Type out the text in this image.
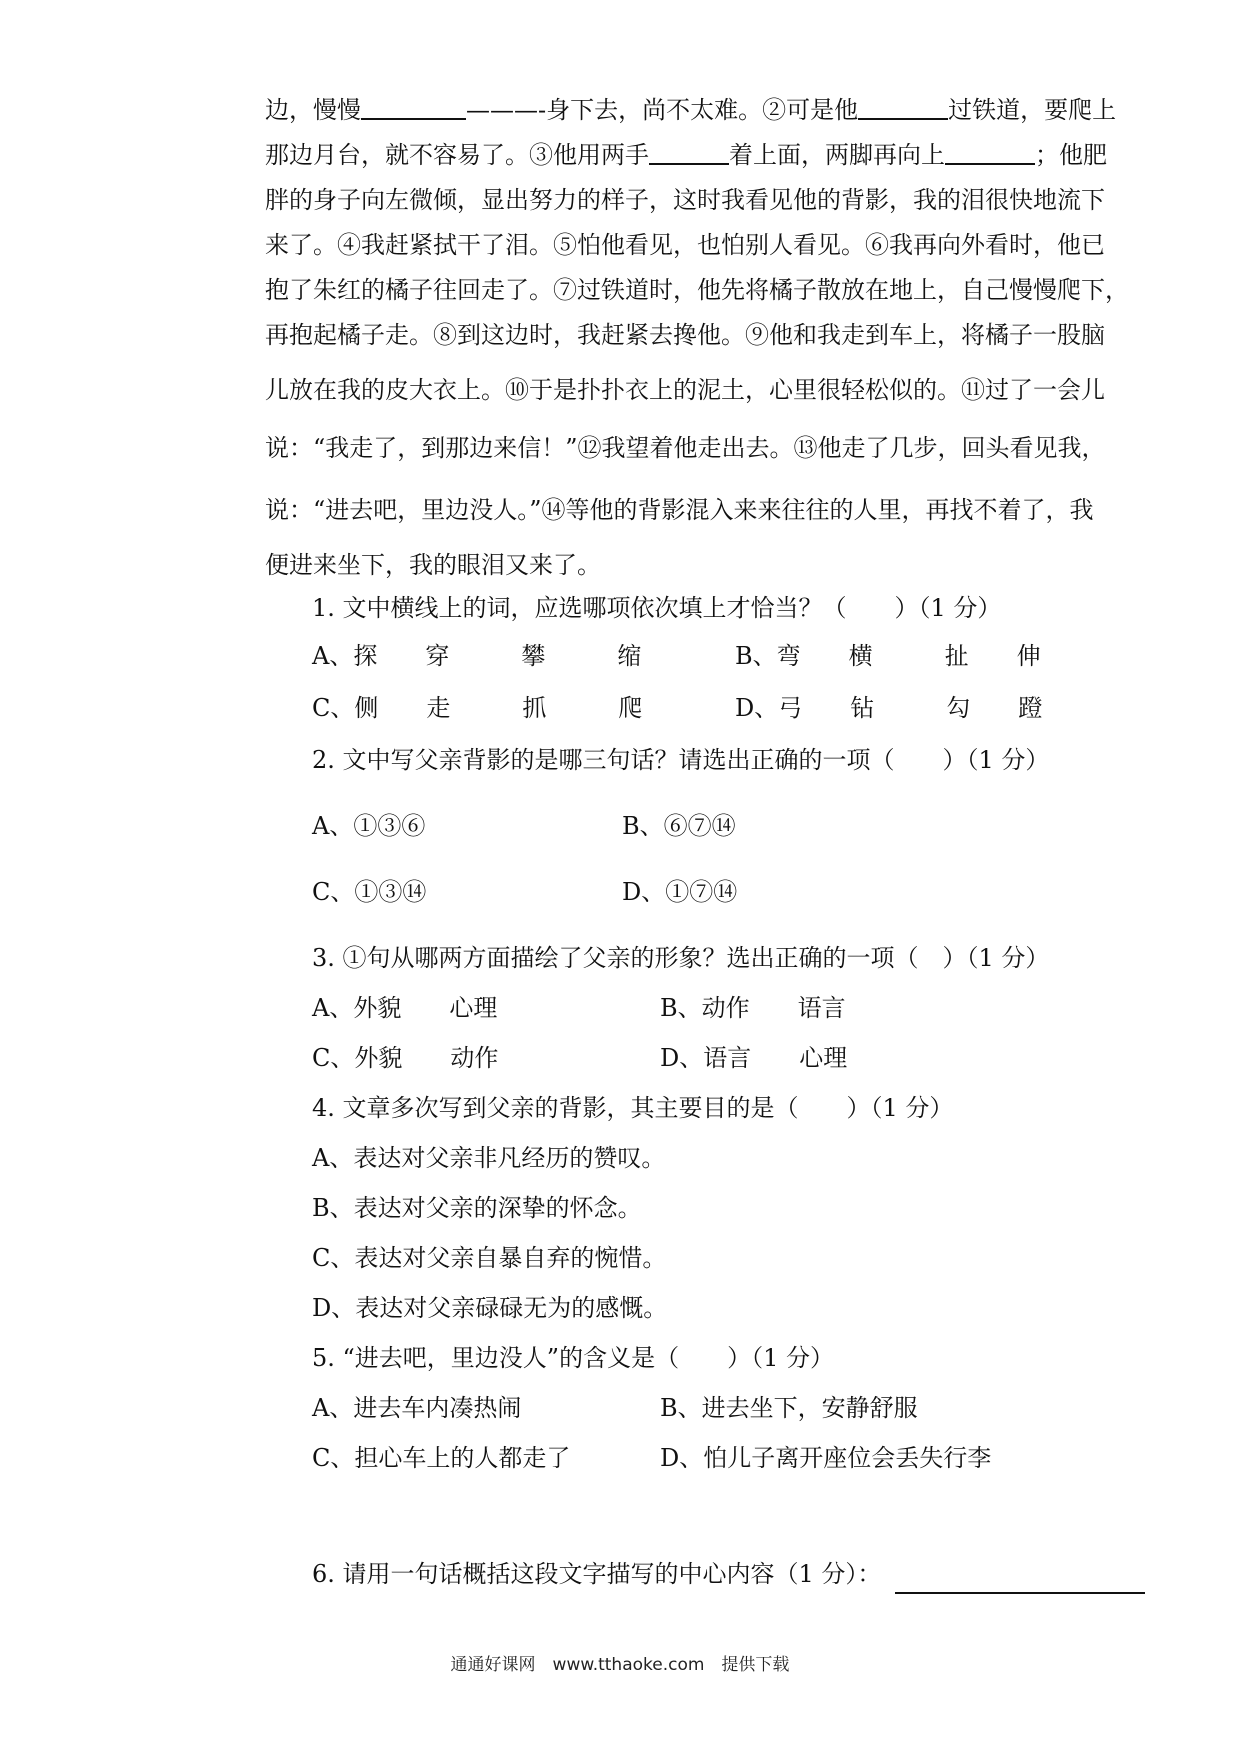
边，慢慢	———-身下去，尚不太难。②可是他	过铁道，要爬上
那边月台，就不容易了。③他用两手	着上面，两脚再向上	；他肥
胖的身子向左微倾，显出努力的样子，这时我看见他的背影，我的泪很快地流下
来了。④我赶紧拭干了泪。⑤怕他看见，也怕别人看见。⑥我再向外看时，他已
抱了朱红的橘子往回走了。⑦过铁道时，他先将橘子散放在地上，自己慢慢爬下，
再抱起橘子走。⑧到这边时，我赶紧去搀他。⑨他和我走到车上，将橘子一股脑
儿放在我的皮大衣上。⑩于是扑扑衣上的泥土，心里很轻松似的。⑪过了一会儿
说：“我走了，到那边来信！”⑫我望着他走出去。⑬他走了几步，回头看见我，
说：“进去吧，里边没人。”⑭等他的背影混入来来往往的人里，再找不着了，我
便进来坐下，我的眼泪又来了。
1. 文中横线上的词，应选哪项依次填上才恰当？（　　）（1 分）
A、探　　穿　　　攀　　　缩	B、弯　　横　　　扯　　伸
C、侧　　走　　　抓　　　爬	D、弓　　钻　　　勾　　蹬
2. 文中写父亲背影的是哪三句话？请选出正确的一项（　　）（1 分）
A、①③⑥	B、⑥⑦⑭
C、①③⑭	D、①⑦⑭
3. ①句从哪两方面描绘了父亲的形象？选出正确的一项（　）（1 分）
A、外貌　　心理	B、动作　　语言
C、外貌　　动作	D、语言　　心理
4. 文章多次写到父亲的背影，其主要目的是（　　）（1 分）
A、表达对父亲非凡经历的赞叹。
B、表达对父亲的深挚的怀念。
C、表达对父亲自暴自弃的惋惜。
D、表达对父亲碌碌无为的感慨。
5. “进去吧，里边没人”的含义是（　　）（1 分）
A、进去车内凑热闹	B、进去坐下，安静舒服
C、担心车上的人都走了	D、怕儿子离开座位会丢失行李
6. 请用一句话概括这段文字描写的中心内容（1 分）：
通通好课网　www.tthaoke.com　提供下载
